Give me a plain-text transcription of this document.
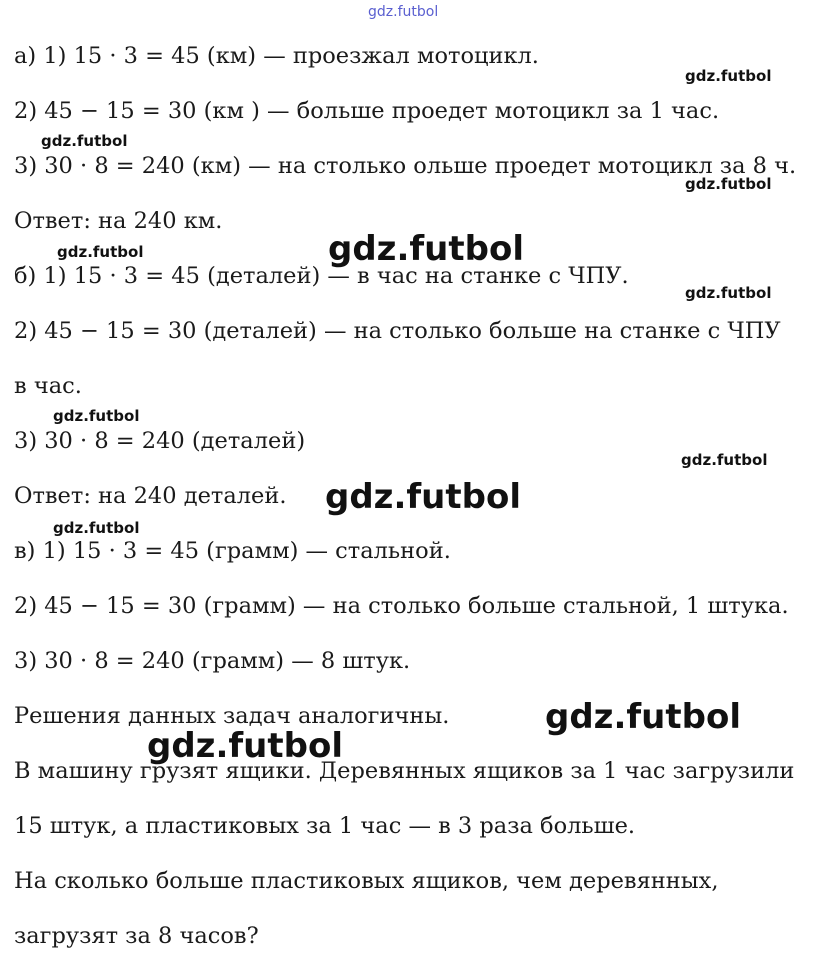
gdz.futbol
а) 1) 15 · 3 = 45 (км) — проезжал мотоцикл.
2) 45 − 15 = 30 (км ) — больше проедет мотоцикл за 1 час.
3) 30 · 8 = 240 (км) — на столько ольше проедет мотоцикл за 8 ч.
Ответ: на 240 км.
б) 1) 15 · 3 = 45 (деталей) — в час на станке с ЧПУ.
2) 45 − 15 = 30 (деталей) — на столько больше на станке с ЧПУ
в час.
3) 30 · 8 = 240 (деталей)
Ответ: на 240 деталей.
в) 1) 15 · 3 = 45 (грамм) — стальной.
2) 45 − 15 = 30 (грамм) — на столько больше стальной, 1 штука.
3) 30 · 8 = 240 (грамм) — 8 штук.
Решения данных задач аналогичны.
В машину грузят ящики. Деревянных ящиков за 1 час загрузили
15 штук, а пластиковых за 1 час — в 3 раза больше.
На сколько больше пластиковых ящиков, чем деревянных,
загрузят за 8 часов?
gdz.futbol
gdz.futbol
gdz.futbol
gdz.futbol
gdz.futbol
gdz.futbol
gdz.futbol
gdz.futbol
gdz.futbol
gdz.futbol
gdz.futbol
gdz.futbol
